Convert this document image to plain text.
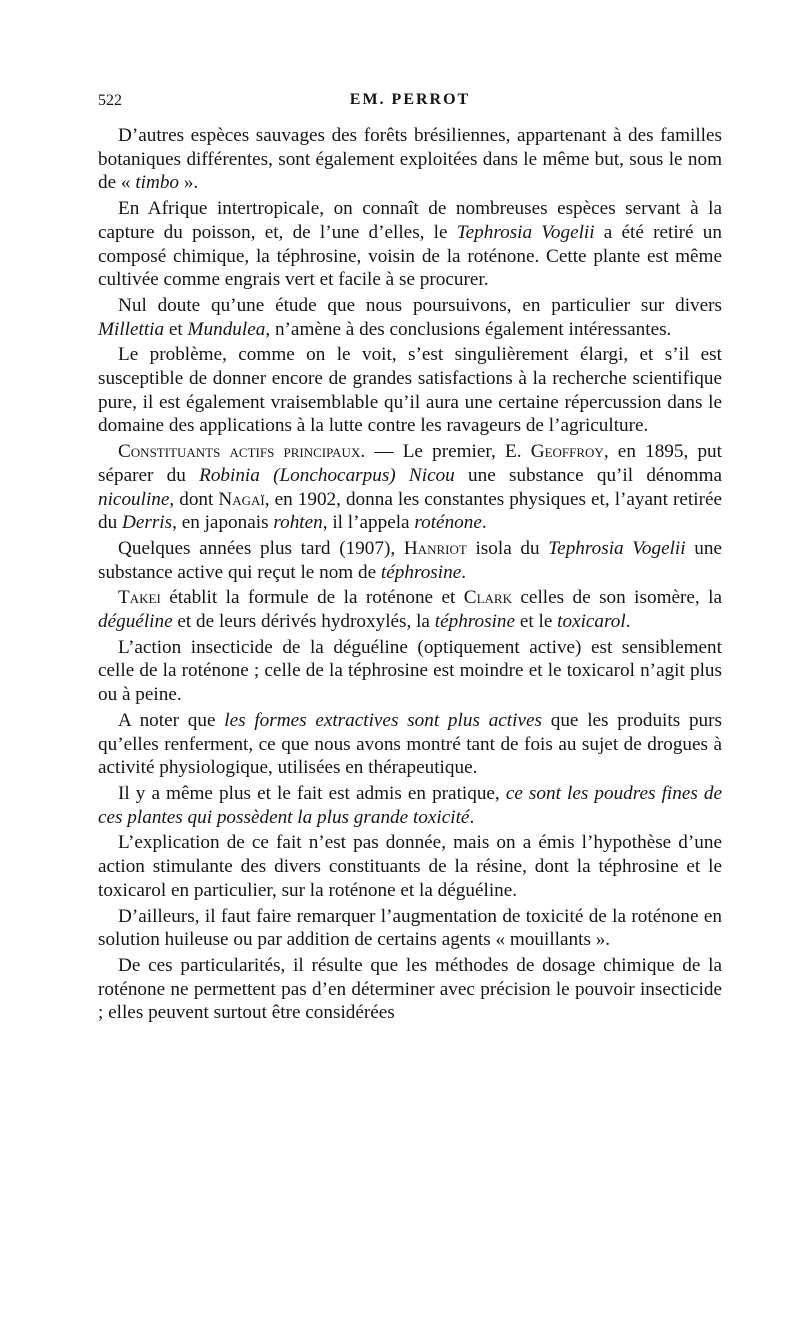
522	EM. PERROT

D’autres espèces sauvages des forêts brésiliennes, appartenant à des familles botaniques différentes, sont également exploitées dans le même but, sous le nom de « timbo ».

En Afrique intertropicale, on connaît de nombreuses espèces servant à la capture du poisson, et, de l’une d’elles, le Tephrosia Vogelii a été retiré un composé chimique, la téphrosine, voisin de la roténone. Cette plante est même cultivée comme engrais vert et facile à se procurer.

Nul doute qu’une étude que nous poursuivons, en particulier sur divers Millettia et Mundulea, n’amène à des conclusions également intéressantes.

Le problème, comme on le voit, s’est singulièrement élargi, et s’il est susceptible de donner encore de grandes satisfactions à la recherche scientifique pure, il est également vraisemblable qu’il aura une certaine répercussion dans le domaine des applications à la lutte contre les ravageurs de l’agriculture.

Constituants actifs principaux. — Le premier, E. Geoffroy, en 1895, put séparer du Robinia (Lonchocarpus) Nicou une substance qu’il dénomma nicouline, dont Nagaï, en 1902, donna les constantes physiques et, l’ayant retirée du Derris, en japonais rohten, il l’appela roténone.

Quelques années plus tard (1907), Hanriot isola du Tephrosia Vogelii une substance active qui reçut le nom de téphrosine.

Takei établit la formule de la roténone et Clark celles de son isomère, la déguéline et de leurs dérivés hydroxylés, la téphrosine et le toxicarol.

L’action insecticide de la déguéline (optiquement active) est sensiblement celle de la roténone ; celle de la téphrosine est moindre et le toxicarol n’agit plus ou à peine.

A noter que les formes extractives sont plus actives que les produits purs qu’elles renferment, ce que nous avons montré tant de fois au sujet de drogues à activité physiologique, utilisées en thérapeutique.

Il y a même plus et le fait est admis en pratique, ce sont les poudres fines de ces plantes qui possèdent la plus grande toxicité.

L’explication de ce fait n’est pas donnée, mais on a émis l’hypothèse d’une action stimulante des divers constituants de la résine, dont la téphrosine et le toxicarol en particulier, sur la roténone et la déguéline.

D’ailleurs, il faut faire remarquer l’augmentation de toxicité de la roténone en solution huileuse ou par addition de certains agents « mouillants ».

De ces particularités, il résulte que les méthodes de dosage chimique de la roténone ne permettent pas d’en déterminer avec précision le pouvoir insecticide ; elles peuvent surtout être considérées
